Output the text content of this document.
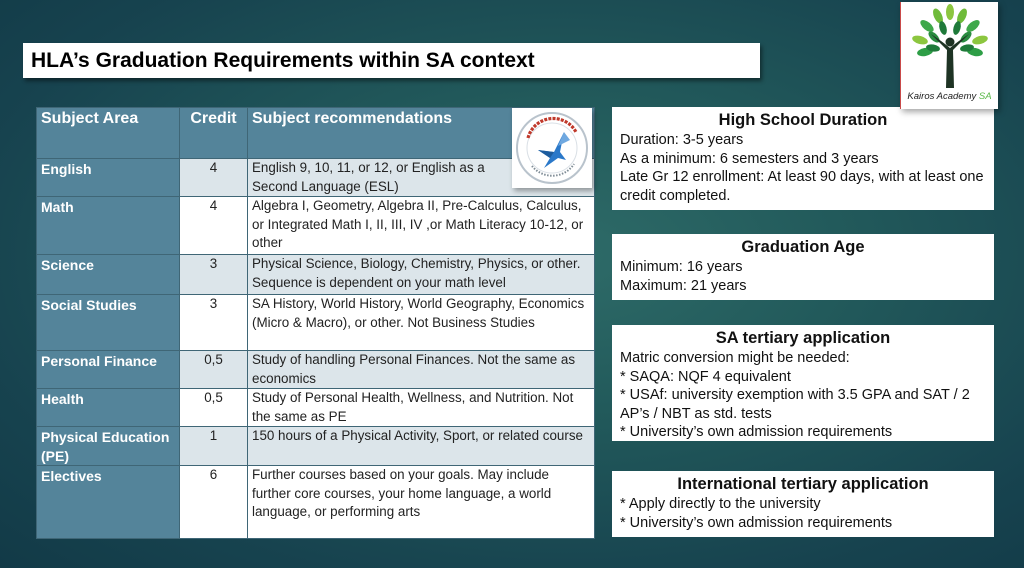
HLA’s Graduation Requirements within SA context
Subject Area	Credit	Subject recommendations
English	4	English 9, 10, 11, or 12, or English as a Second Language (ESL)

Math	4	Algebra I, Geometry, Algebra II, Pre-Calculus, Calculus, or Integrated Math I, II, III, IV ,or Math Literacy 10-12, or other
Science	3	Physical Science, Biology, Chemistry, Physics, or other. Sequence is dependent on your math level
Social Studies	3	SA History, World History, World Geography, Economics (Micro & Macro), or other. Not Business Studies
Personal Finance	0,5	Study of handling Personal Finances. Not the same as economics
Health	0,5	Study of Personal Health, Wellness, and Nutrition. Not the same as PE
Physical Education (PE)	1	150 hours of a Physical Activity, Sport, or related course
Electives	6	Further courses based on your goals. May include further core courses, your home language, a world language, or performing arts
High School Duration
Duration: 3-5 years
As a minimum: 6 semesters and 3 years
Late Gr 12 enrollment: At least 90 days, with at least one credit completed.
Graduation Age
Minimum: 16 years
Maximum: 21 years
SA tertiary application
Matric conversion might be needed:
* SAQA: NQF 4 equivalent
* USAf: university exemption with 3.5 GPA and SAT / 2 AP’s / NBT as std. tests
* University’s own admission requirements
International tertiary application
* Apply directly to the university
* University’s own admission requirements
Kairos Academy SA
